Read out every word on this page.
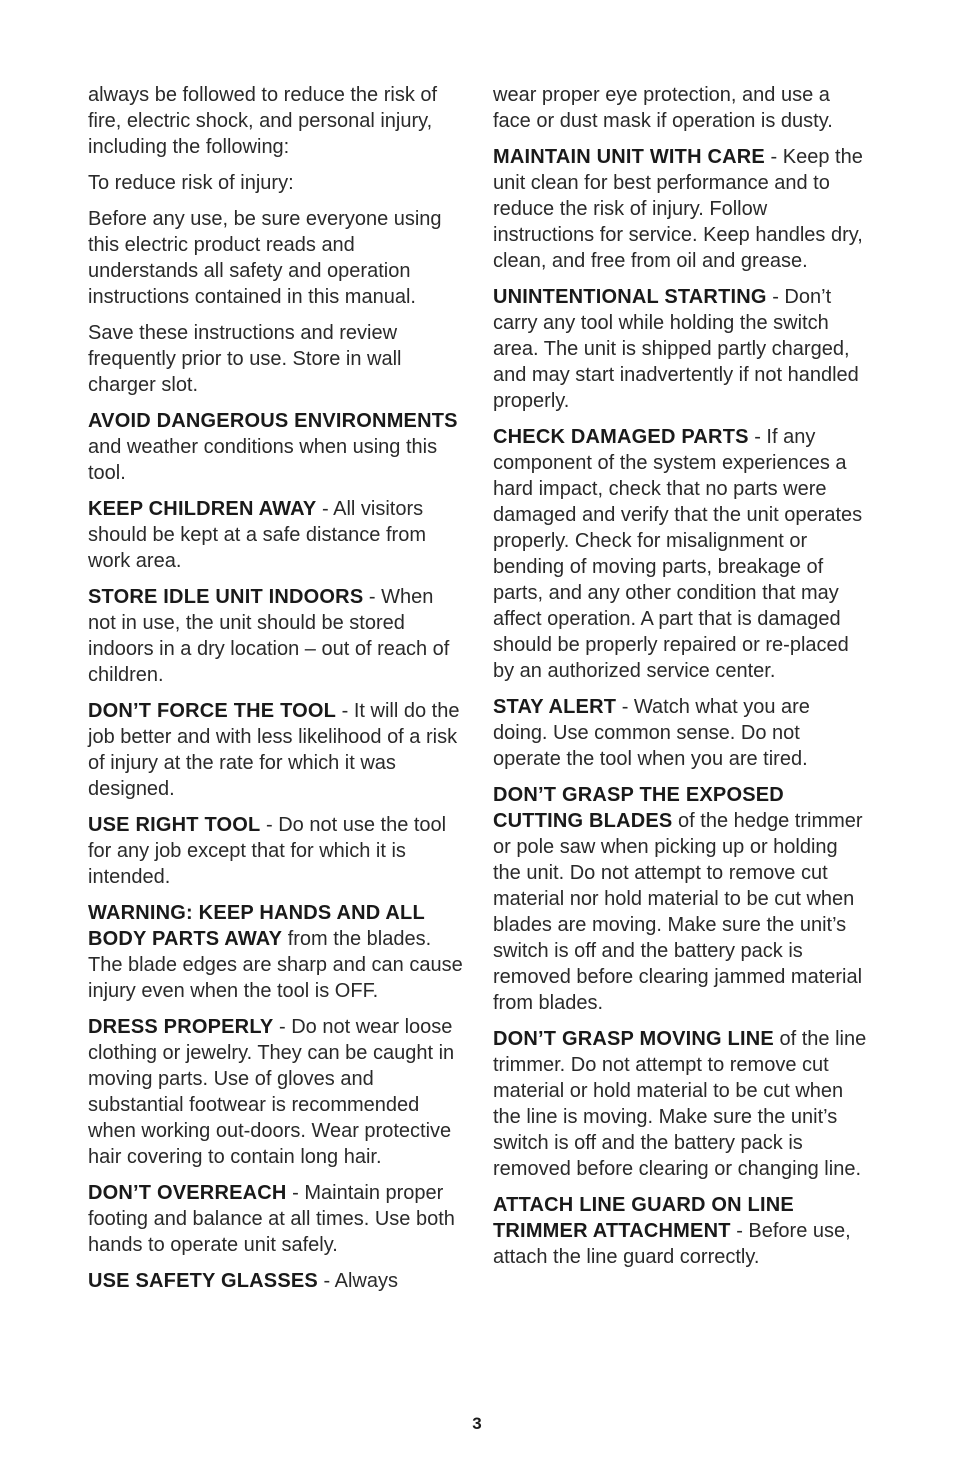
always be followed to reduce the risk of fire, electric shock, and personal injury, including the following:

To reduce risk of injury:

Before any use, be sure everyone using this electric product reads and understands all safety and operation instructions contained in this manual.

Save these instructions and review frequently prior to use. Store in wall charger slot.

AVOID DANGEROUS ENVIRONMENTS and weather conditions when using this tool.

KEEP CHILDREN AWAY - All visitors should be kept at a safe distance from work area.

STORE IDLE UNIT INDOORS - When not in use, the unit should be stored indoors in a dry location – out of reach of children.

DON’T FORCE THE TOOL - It will do the job better and with less likelihood of a risk of injury at the rate for which it was designed.

USE RIGHT TOOL - Do not use the tool for any job except that for which it is intended.

WARNING: KEEP HANDS AND ALL BODY PARTS AWAY from the blades. The blade edges are sharp and can cause injury even when the tool is OFF.

DRESS PROPERLY - Do not wear loose clothing or jewelry. They can be caught in moving parts. Use of gloves and substantial footwear is recommended when working out-doors. Wear protective hair covering to contain long hair.

DON’T OVERREACH - Maintain proper footing and balance at all times. Use both hands to operate unit safely.

USE SAFETY GLASSES - Always

wear proper eye protection, and use a face or dust mask if operation is dusty.

MAINTAIN UNIT WITH CARE - Keep the unit clean for best performance and to reduce the risk of injury. Follow instructions for service. Keep handles dry, clean, and free from oil and grease.

UNINTENTIONAL STARTING - Don’t carry any tool while holding the switch area. The unit is shipped partly charged, and may start inadvertently if not handled properly.

CHECK DAMAGED PARTS - If any component of the system experiences a hard impact, check that no parts were damaged and verify that the unit operates properly. Check for misalignment or bending of moving parts, breakage of parts, and any other condition that may affect operation. A part that is damaged should be properly repaired or re-placed by an authorized service center.

STAY ALERT - Watch what you are doing. Use common sense. Do not operate the tool when you are tired.

DON’T GRASP THE EXPOSED CUTTING BLADES of the hedge trimmer or pole saw when picking up or holding the unit. Do not attempt to remove cut material nor hold material to be cut when blades are moving. Make sure the unit’s switch is off and the battery pack is removed before clearing jammed material from blades.

DON’T GRASP MOVING LINE of the line trimmer. Do not attempt to remove cut material or hold material to be cut when the line is moving. Make sure the unit’s switch is off and the battery pack is removed before clearing or changing line.

ATTACH LINE GUARD ON LINE TRIMMER ATTACHMENT - Before use, attach the line guard correctly.

3
